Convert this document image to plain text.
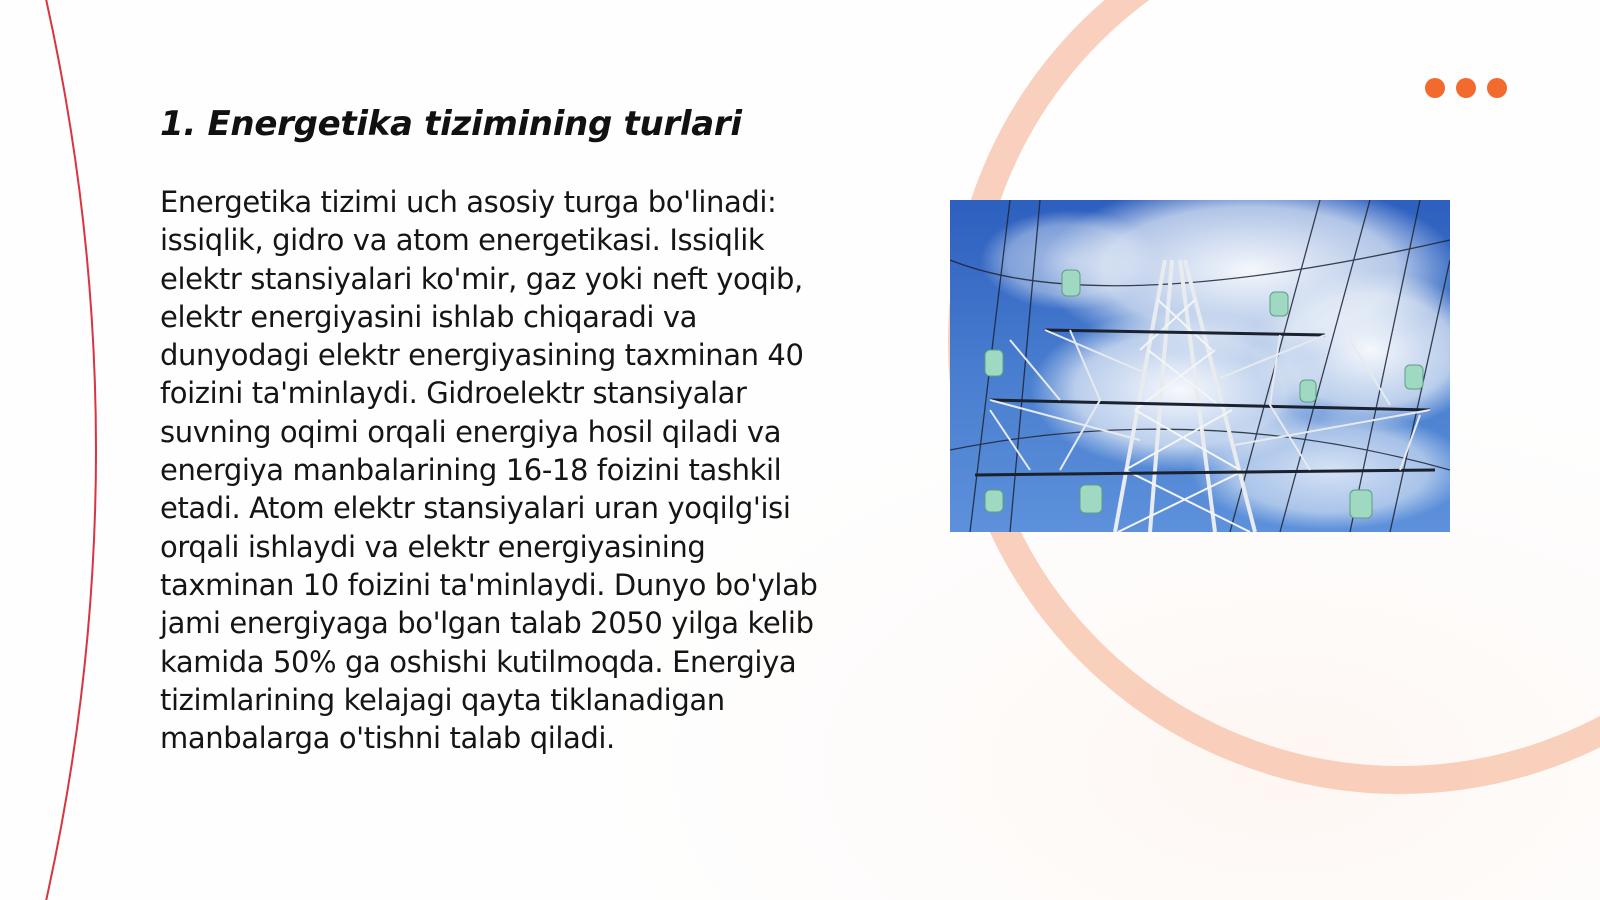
1. Energetika tizimining turlari

Energetika tizimi uch asosiy turga bo'linadi: issiqlik, gidro va atom energetikasi. Issiqlik elektr stansiyalari ko'mir, gaz yoki neft yoqib, elektr energiyasini ishlab chiqaradi va dunyodagi elektr energiyasining taxminan 40 foizini ta'minlaydi. Gidroelektr stansiyalar suvning oqimi orqali energiya hosil qiladi va energiya manbalarining 16-18 foizini tashkil etadi. Atom elektr stansiyalari uran yoqilg'isi orqali ishlaydi va elektr energiyasining taxminan 10 foizini ta'minlaydi. Dunyo bo'ylab jami energiyaga bo'lgan talab 2050 yilga kelib kamida 50% ga oshishi kutilmoqda. Energiya tizimlarining kelajagi qayta tiklanadigan manbalarga o'tishni talab qiladi.
